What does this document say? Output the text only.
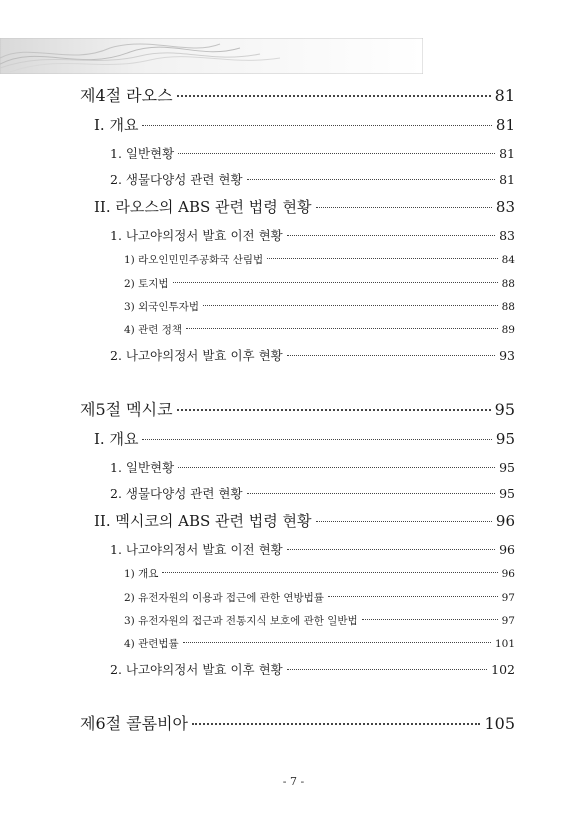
제4절 라오스	81
I. 개요	81
1. 일반현황	81
2. 생물다양성 관련 현황	81
II. 라오스의 ABS 관련 법령 현황	83
1. 나고야의정서 발효 이전 현황	83
1) 라오인민민주공화국 산림법	84
2) 토지법	88
3) 외국인투자법	88
4) 관련 정책	89
2. 나고야의정서 발효 이후 현황	93
제5절 멕시코	95
I. 개요	95
1. 일반현황	95
2. 생물다양성 관련 현황	95
II. 멕시코의 ABS 관련 법령 현황	96
1. 나고야의정서 발효 이전 현황	96
1) 개요	96
2) 유전자원의 이용과 접근에 관한 연방법률	97
3) 유전자원의 접근과 전통지식 보호에 관한 일반법	97
4) 관련법률	101
2. 나고야의정서 발효 이후 현황	102
제6절 콜롬비아	105
- 7 -
